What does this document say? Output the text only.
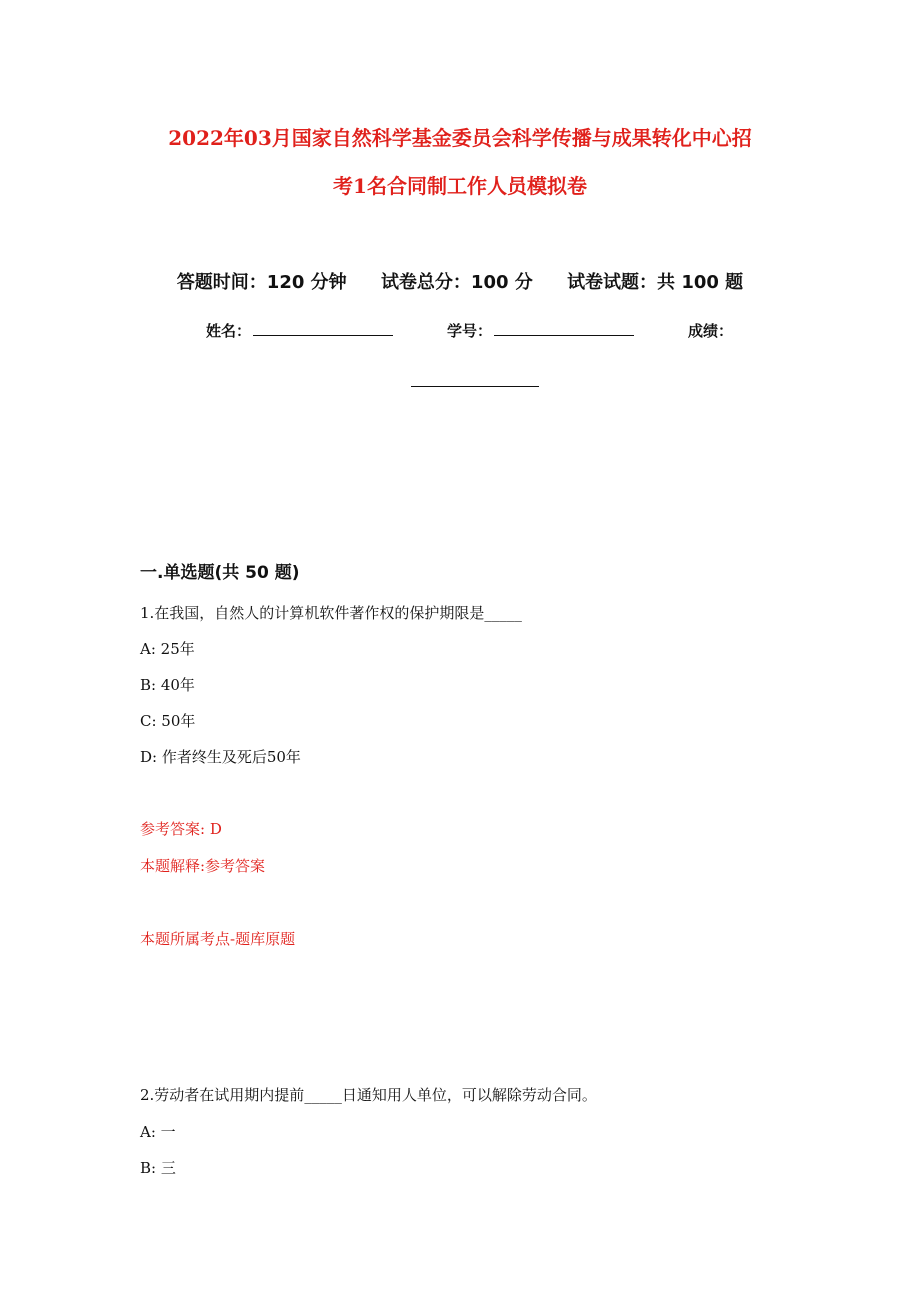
2022年03月国家自然科学基金委员会科学传播与成果转化中心招
考1名合同制工作人员模拟卷
答题时间：120 分钟 试卷总分：100 分 试卷试题：共 100 题
姓名：	学号：	成绩：
一.单选题(共 50 题)
1.在我国，自然人的计算机软件著作权的保护期限是_____
A: 25年
B: 40年
C: 50年
D: 作者终生及死后50年
参考答案: D
本题解释:参考答案
本题所属考点-题库原题
2.劳动者在试用期内提前_____日通知用人单位，可以解除劳动合同。
A: 一
B: 三
